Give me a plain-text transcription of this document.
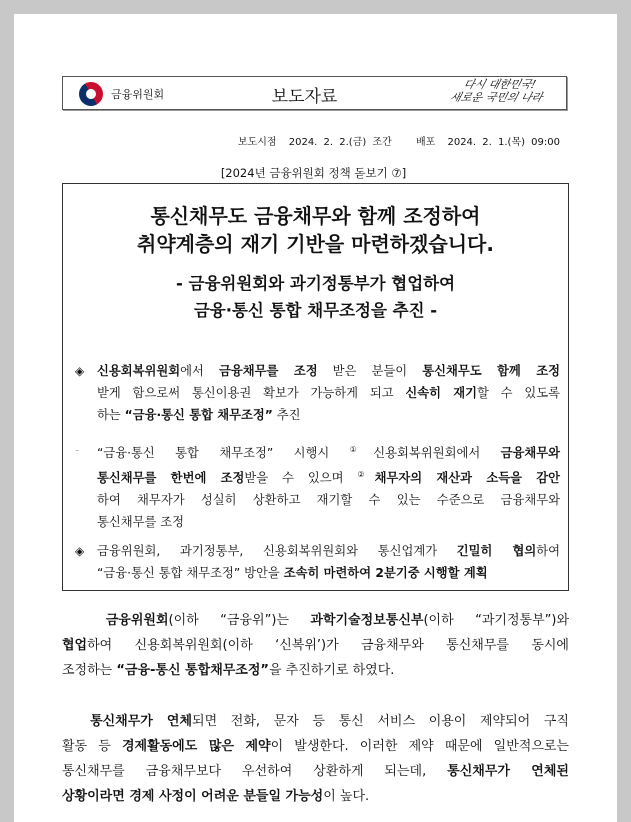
금융위원회	보도자료
다시 대한민국!
새로운 국민의 나라
보도시점 2024. 2. 2.(금) 조간 배포 2024. 2. 1.(목) 09:00
[2024년 금융위원회 정책 돋보기 ⑦]
통신채무도 금융채무와 함께 조정하여
취약계층의 재기 기반을 마련하겠습니다.
- 금융위원회와 과기정통부가 협업하여
금융·통신 통합 채무조정을 추진 -
◈	신용회복위원회에서 금융채무를 조정 받은 분들이 통신채무도 함께 조정
받게 함으로써 통신이용권 확보가 가능하게 되고 신속히 재기할 수 있도록
하는 “금융·통신 통합 채무조정” 추진
-	“금융·통신 통합 채무조정” 시행시 ①신용회복위원회에서 금융채무와
통신채무를 한번에 조정받을 수 있으며 ②채무자의 재산과 소득을 감안
하여 채무자가 성실히 상환하고 재기할 수 있는 수준으로 금융채무와
통신채무를 조정
◈	금융위원회, 과기정통부, 신용회복위원회와 통신업계가 긴밀히 협의하여
“금융·통신 통합 채무조정” 방안을 조속히 마련하여 2분기중 시행할 계획
금융위원회(이하 “금융위”)는 과학기술정보통신부(이하 “과기정통부”)와
협업하여 신용회복위원회(이하 ‘신복위’)가 금융채무와 통신채무를 동시에
조정하는 “금융-통신 통합채무조정”을 추진하기로 하였다.
통신채무가 연체되면 전화, 문자 등 통신 서비스 이용이 제약되어 구직
활동 등 경제활동에도 많은 제약이 발생한다. 이러한 제약 때문에 일반적으로는
통신채무를 금융채무보다 우선하여 상환하게 되는데, 통신채무가 연체된
상황이라면 경제 사정이 어려운 분들일 가능성이 높다.
